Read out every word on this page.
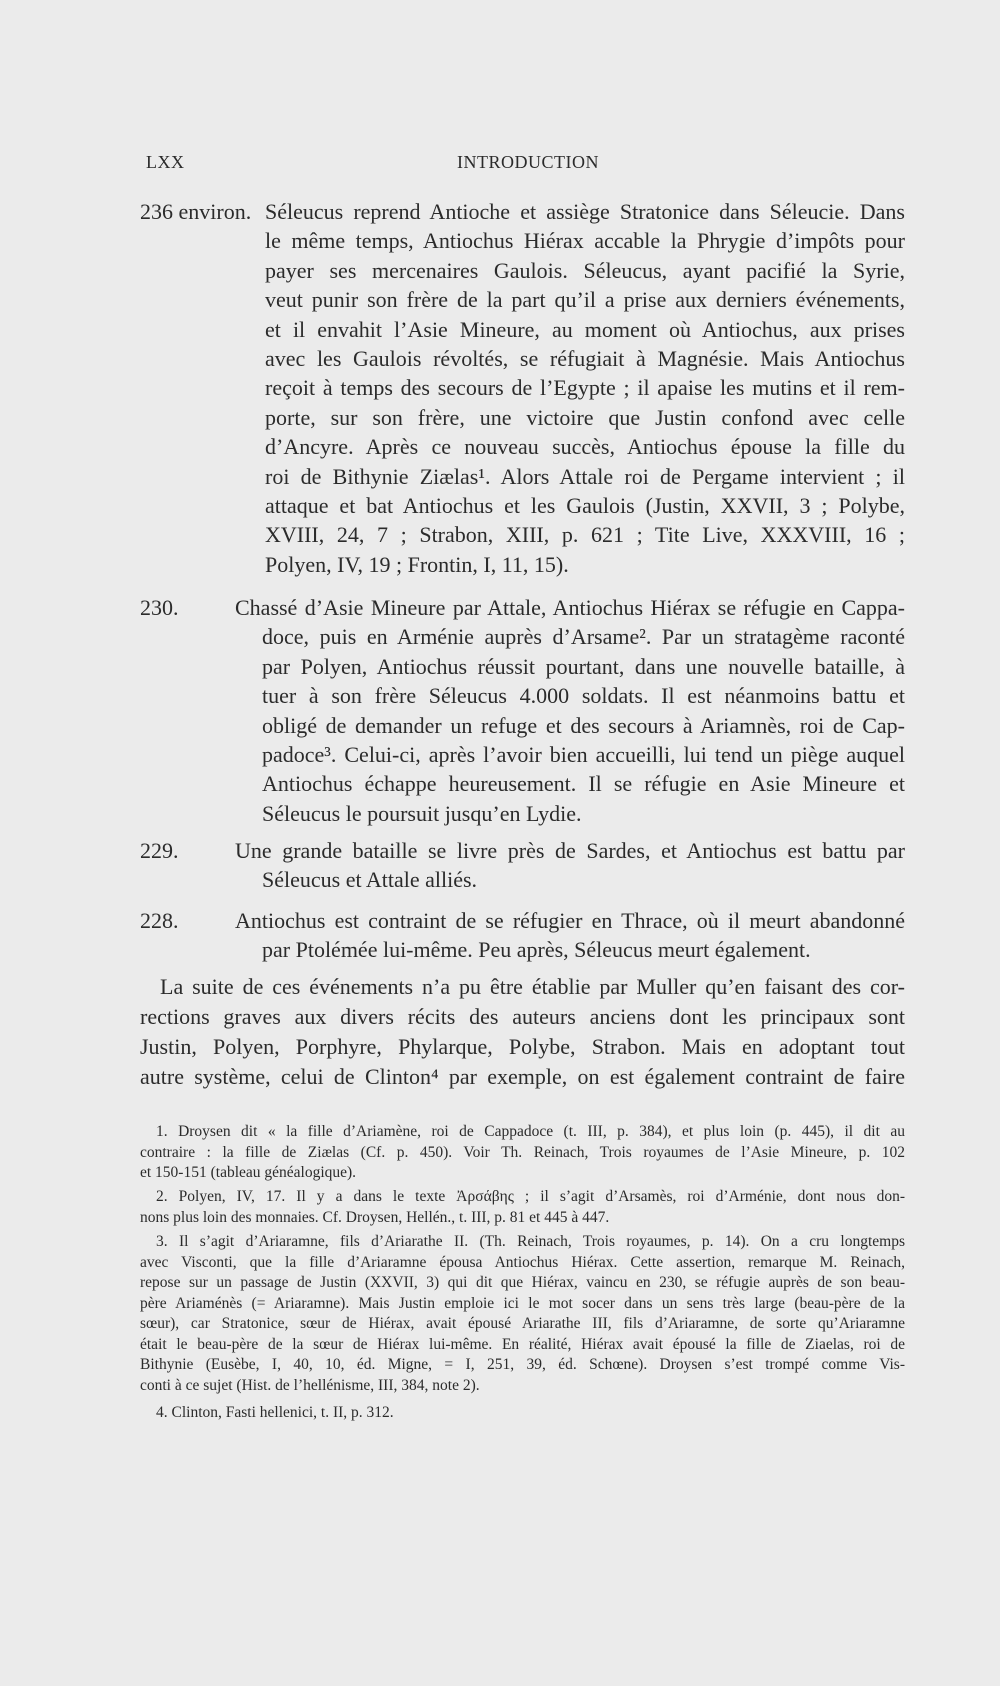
LXX	INTRODUCTION
236 environ. Séleucus reprend Antioche et assiège Stratonice dans Séleucie. Dans
le même temps, Antiochus Hiérax accable la Phrygie d’impôts pour
payer ses mercenaires Gaulois. Séleucus, ayant pacifié la Syrie,
veut punir son frère de la part qu’il a prise aux derniers événements,
et il envahit l’Asie Mineure, au moment où Antiochus, aux prises
avec les Gaulois révoltés, se réfugiait à Magnésie. Mais Antiochus
reçoit à temps des secours de l’Egypte ; il apaise les mutins et il rem-
porte, sur son frère, une victoire que Justin confond avec celle
d’Ancyre. Après ce nouveau succès, Antiochus épouse la fille du
roi de Bithynie Ziælas¹. Alors Attale roi de Pergame intervient ; il
attaque et bat Antiochus et les Gaulois (Justin, XXVII, 3 ; Polybe,
XVIII, 24, 7 ; Strabon, XIII, p. 621 ; Tite Live, XXXVIII, 16 ;
Polyen, IV, 19 ; Frontin, I, 11, 15).
230.	Chassé d’Asie Mineure par Attale, Antiochus Hiérax se réfugie en Cappa-
doce, puis en Arménie auprès d’Arsame². Par un stratagème raconté
par Polyen, Antiochus réussit pourtant, dans une nouvelle bataille, à
tuer à son frère Séleucus 4.000 soldats. Il est néanmoins battu et
obligé de demander un refuge et des secours à Ariamnès, roi de Cap-
padoce³. Celui-ci, après l’avoir bien accueilli, lui tend un piège auquel
Antiochus échappe heureusement. Il se réfugie en Asie Mineure et
Séleucus le poursuit jusqu’en Lydie.
229.	Une grande bataille se livre près de Sardes, et Antiochus est battu par
Séleucus et Attale alliés.
228.	Antiochus est contraint de se réfugier en Thrace, où il meurt abandonné
par Ptolémée lui-même. Peu après, Séleucus meurt également.
La suite de ces événements n’a pu être établie par Muller qu’en faisant des cor-
rections graves aux divers récits des auteurs anciens dont les principaux sont
Justin, Polyen, Porphyre, Phylarque, Polybe, Strabon. Mais en adoptant tout
autre système, celui de Clinton⁴ par exemple, on est également contraint de faire
1. Droysen dit « la fille d’Ariamène, roi de Cappadoce (t. III, p. 384), et plus loin (p. 445), il dit au
contraire : la fille de Ziælas (Cf. p. 450). Voir Th. Reinach, Trois royaumes de l’Asie Mineure, p. 102
et 150-151 (tableau généalogique).
2. Polyen, IV, 17. Il y a dans le texte Ἀρσάβης ; il s’agit d’Arsamès, roi d’Arménie, dont nous don-
nons plus loin des monnaies. Cf. Droysen, Hellén., t. III, p. 81 et 445 à 447.
3. Il s’agit d’Ariaramne, fils d’Ariarathe II. (Th. Reinach, Trois royaumes, p. 14). On a cru longtemps
avec Visconti, que la fille d’Ariaramne épousa Antiochus Hiérax. Cette assertion, remarque M. Reinach,
repose sur un passage de Justin (XXVII, 3) qui dit que Hiérax, vaincu en 230, se réfugie auprès de son beau-
père Ariaménès (= Ariaramne). Mais Justin emploie ici le mot socer dans un sens très large (beau-père de la
sœur), car Stratonice, sœur de Hiérax, avait épousé Ariarathe III, fils d’Ariaramne, de sorte qu’Ariaramne
était le beau-père de la sœur de Hiérax lui-même. En réalité, Hiérax avait épousé la fille de Ziaelas, roi de
Bithynie (Eusèbe, I, 40, 10, éd. Migne, = I, 251, 39, éd. Schœne). Droysen s’est trompé comme Vis-
conti à ce sujet (Hist. de l’hellénisme, III, 384, note 2).
4. Clinton, Fasti hellenici, t. II, p. 312.
